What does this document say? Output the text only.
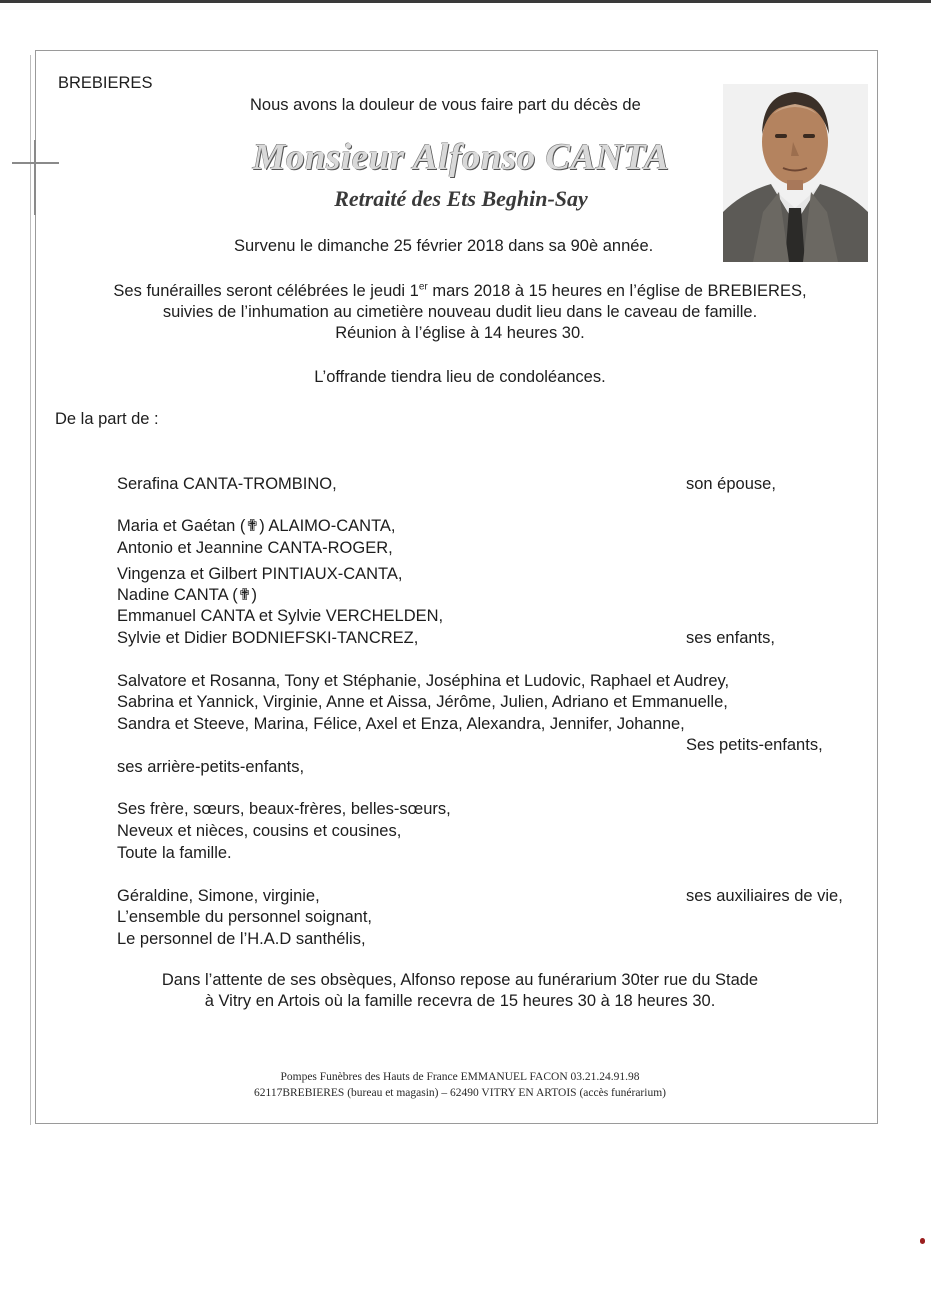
BREBIERES
Nous avons la douleur de vous faire part du décès de
Monsieur Alfonso CANTA
Retraité des Ets Beghin-Say
Survenu le dimanche 25 février 2018 dans sa 90è année.
Ses funérailles seront célébrées le jeudi 1er mars 2018 à 15 heures en l’église de BREBIERES,
suivies de l’inhumation au cimetière nouveau dudit lieu dans le caveau de famille.
Réunion à l’église à 14 heures 30.
L’offrande tiendra lieu de condoléances.
De la part de :
Serafina CANTA-TROMBINO,	son épouse,
Maria et Gaétan (✟) ALAIMO-CANTA,
Antonio et Jeannine CANTA-ROGER,
Vingenza et Gilbert PINTIAUX-CANTA,
Nadine CANTA (✟)
Emmanuel CANTA et Sylvie VERCHELDEN,
Sylvie et Didier BODNIEFSKI-TANCREZ,	ses enfants,
Salvatore et Rosanna, Tony et Stéphanie, Joséphina et Ludovic, Raphael et Audrey,
Sabrina et Yannick, Virginie, Anne et Aissa, Jérôme, Julien, Adriano et Emmanuelle,
Sandra et Steeve, Marina, Félice, Axel et Enza, Alexandra, Jennifer, Johanne,
Ses petits-enfants,
ses arrière-petits-enfants,
Ses frère, sœurs, beaux-frères, belles-sœurs,
Neveux et nièces, cousins et cousines,
Toute la famille.
Géraldine, Simone, virginie,	ses auxiliaires de vie,
L’ensemble du personnel soignant,
Le personnel de l’H.A.D santhélis,
Dans l’attente de ses obsèques, Alfonso repose au funérarium 30ter rue du Stade
à Vitry en Artois où la famille recevra de 15 heures 30 à 18 heures 30.
Pompes Funèbres des Hauts de France EMMANUEL FACON 03.21.24.91.98
62117BREBIERES (bureau et magasin) – 62490 VITRY EN ARTOIS (accès funérarium)
